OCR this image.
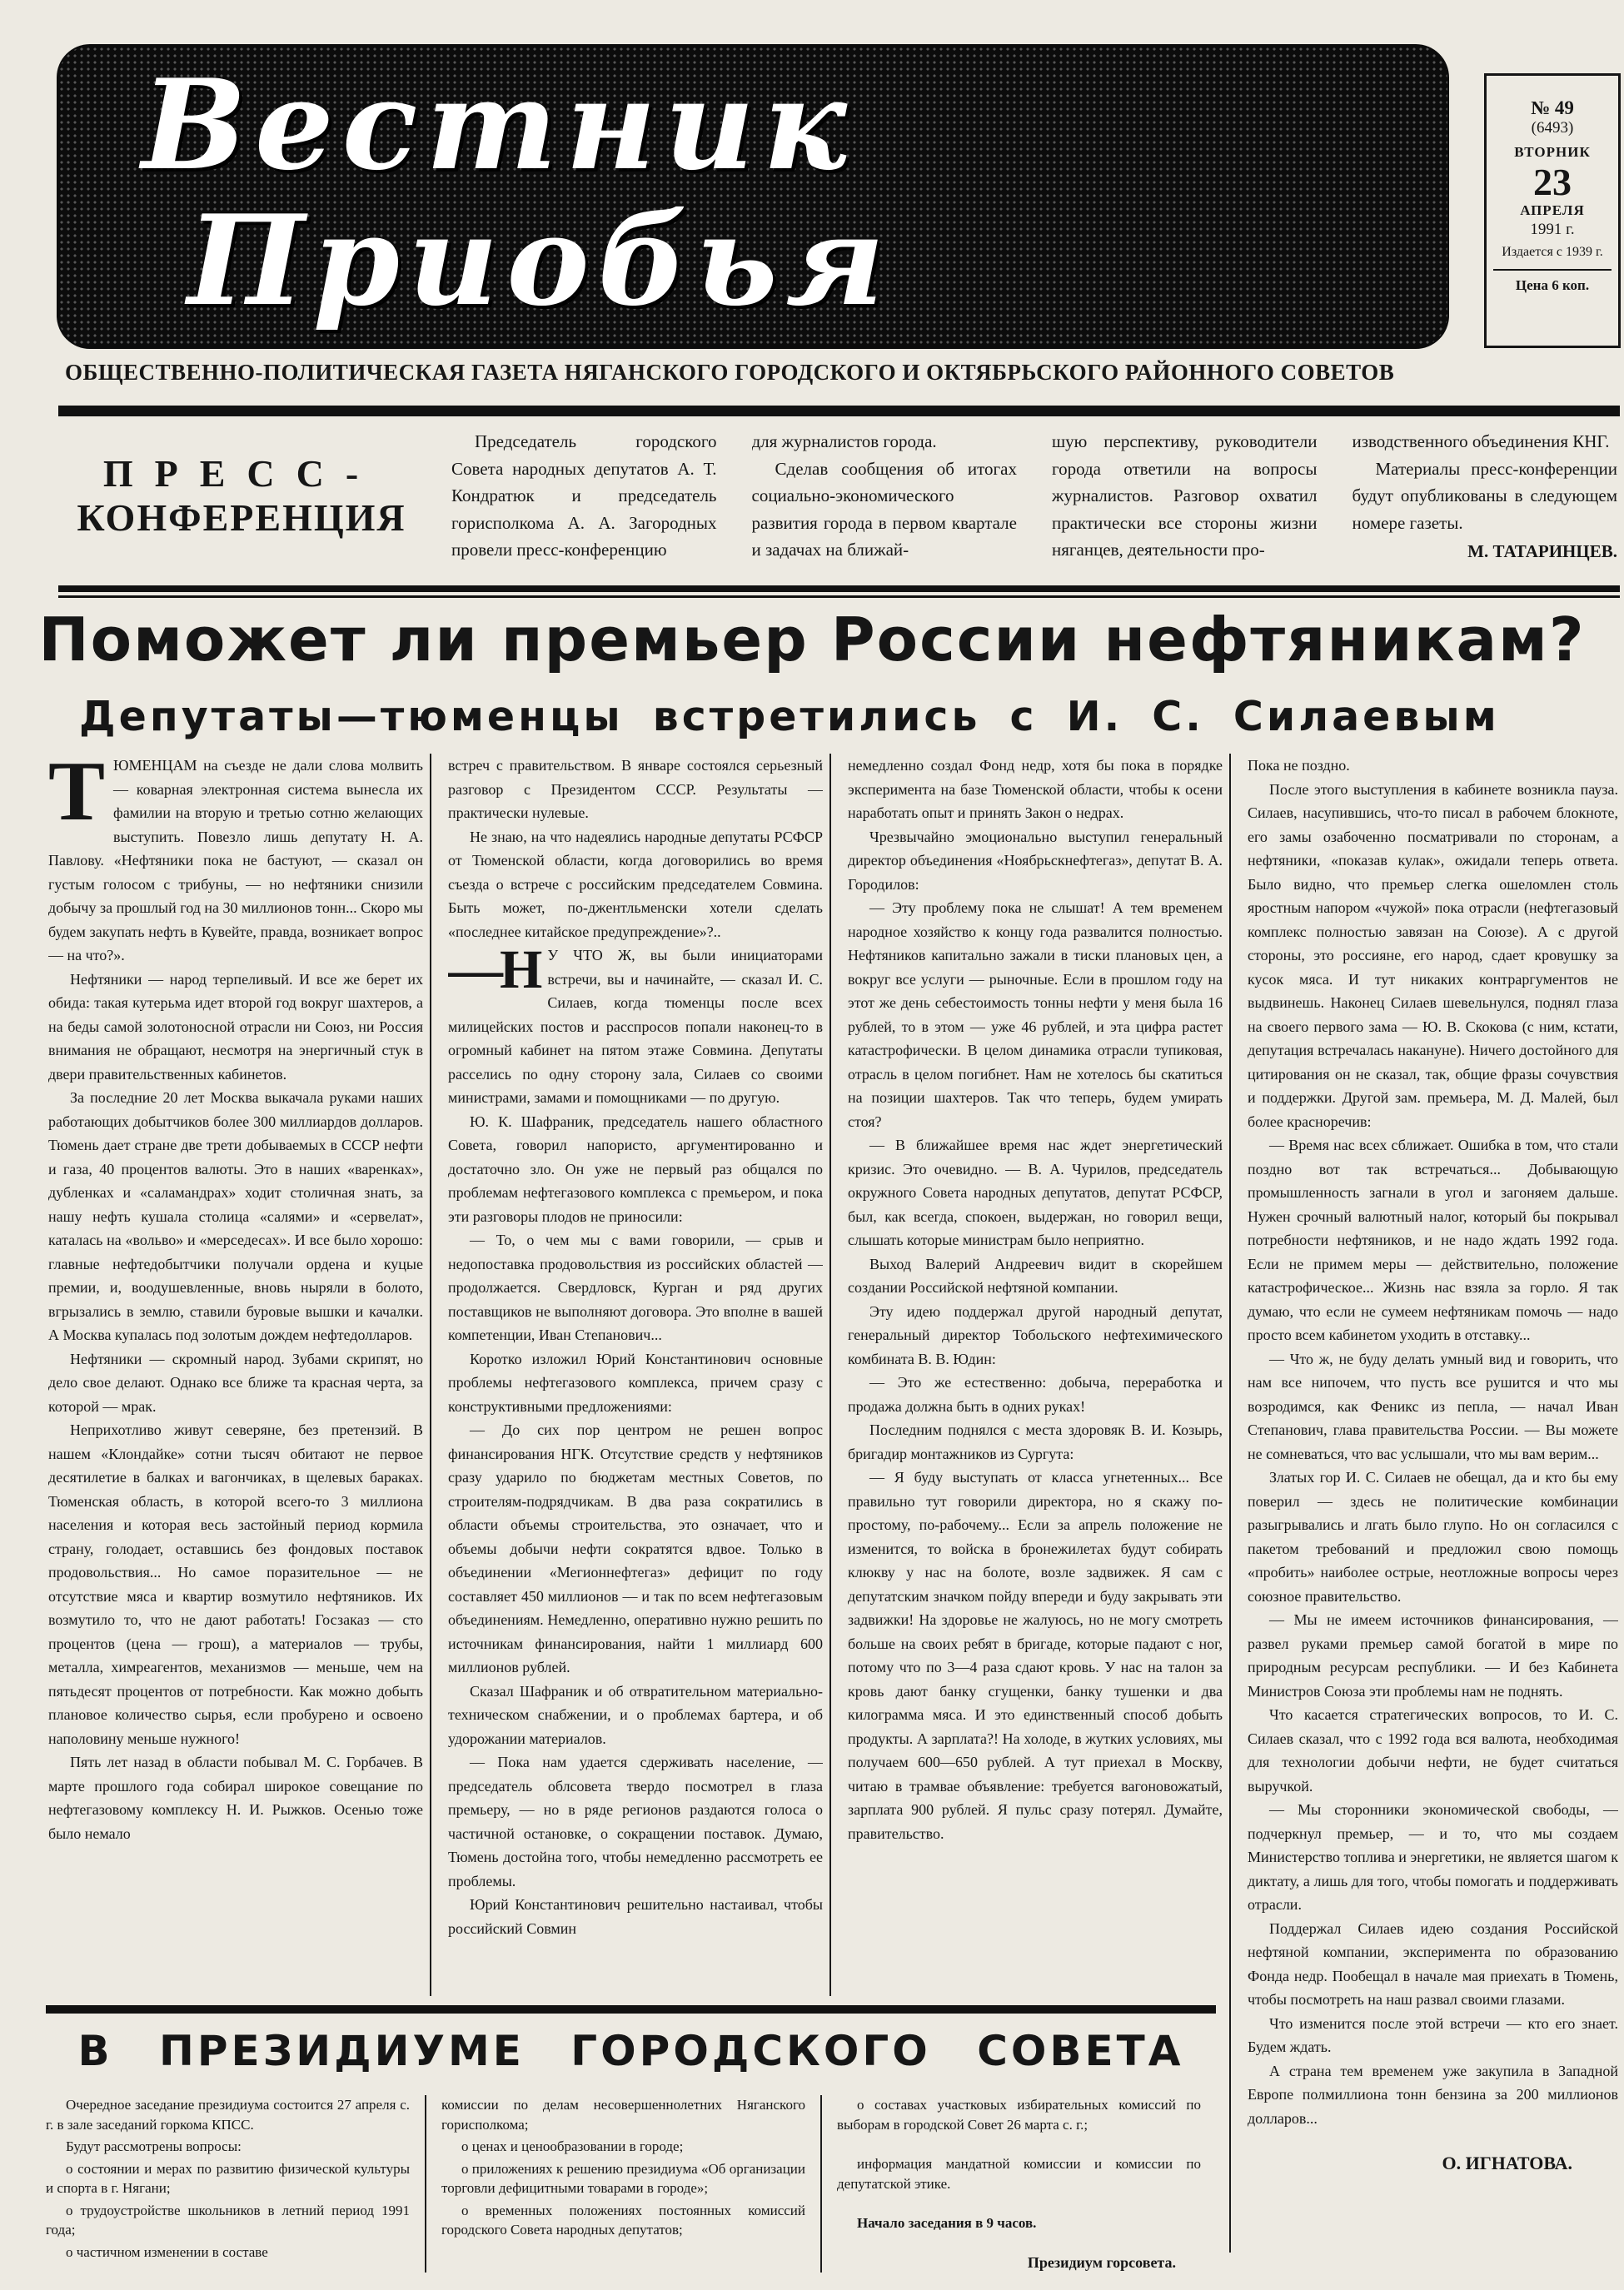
Вестник
Приобья
№ 49
(6493)
ВТОРНИК
23
АПРЕЛЯ
1991 г.
Издается с 1939 г.
Цена 6 коп.
ОБЩЕСТВЕННО-ПОЛИТИЧЕСКАЯ ГАЗЕТА НЯГАНСКОГО ГОРОДСКОГО И ОКТЯБРЬСКОГО РАЙОННОГО СОВЕТОВ
ПРЕСС-
КОНФЕРЕНЦИЯ

Председатель городского Совета народных депутатов А. Т. Кондратюк и председатель горисполкома А. А. Загородных провели пресс-конференцию

для журналистов города.

Сделав сообщения об итогах социально-экономического развития города в первом квартале и задачах на ближай-

шую перспективу, руководители города ответили на вопросы журналистов. Разговор охватил практически все стороны жизни няганцев, деятельности про-

изводственного объединения КНГ.

Материалы пресс-конференции будут опубликованы в следующем номере газеты.

М. ТАТАРИНЦЕВ.
Поможет ли премьер России нефтяникам?
Депутаты—тюменцы встретились с И. С. Силаевым

ТЮМЕНЦАМ на съезде не дали слова молвить — коварная электронная система вынесла их фамилии на вторую и третью сотню желающих выступить. Повезло лишь депутату Н. А. Павлову. «Нефтяники пока не бастуют, — сказал он густым голосом с трибуны, — но нефтяники снизили добычу за прошлый год на 30 миллионов тонн... Скоро мы будем закупать нефть в Кувейте, правда, возникает вопрос — на что?».

Нефтяники — народ терпеливый. И все же берет их обида: такая кутерьма идет второй год вокруг шахтеров, а на беды самой золотоносной отрасли ни Союз, ни Россия внимания не обращают, несмотря на энергичный стук в двери правительственных кабинетов.

За последние 20 лет Москва выкачала руками наших работающих добытчиков более 300 миллиардов долларов. Тюмень дает стране две трети добываемых в СССР нефти и газа, 40 процентов валюты. Это в наших «варенках», дубленках и «саламандрах» ходит столичная знать, за нашу нефть кушала столица «салями» и «сервелат», каталась на «вольво» и «мерседесах». И все было хорошо: главные нефтедобытчики получали ордена и куцые премии, и, воодушевленные, вновь ныряли в болото, вгрызались в землю, ставили буровые вышки и качалки. А Москва купалась под золотым дождем нефтедолларов.

Нефтяники — скромный народ. Зубами скрипят, но дело свое делают. Однако все ближе та красная черта, за которой — мрак.

Неприхотливо живут северяне, без претензий. В нашем «Клондайке» сотни тысяч обитают не первое десятилетие в балках и вагончиках, в щелевых бараках. Тюменская область, в которой всего-то 3 миллиона населения и которая весь застойный период кормила страну, голодает, оставшись без фондовых поставок продовольствия... Но самое поразительное — не отсутствие мяса и квартир возмутило нефтяников. Их возмутило то, что не дают работать! Госзаказ — сто процентов (цена — грош), а материалов — трубы, металла, химреагентов, механизмов — меньше, чем на пятьдесят процентов от потребности. Как можно добыть плановое количество сырья, если пробурено и освоено наполовину меньше нужного!

Пять лет назад в области побывал М. С. Горбачев. В марте прошлого года собирал широкое совещание по нефтегазовому комплексу Н. И. Рыжков. Осенью тоже было немало

встреч с правительством. В январе состоялся серьезный разговор с Президентом СССР. Результаты — практически нулевые.

Не знаю, на что надеялись народные депутаты РСФСР от Тюменской области, когда договорились во время съезда о встрече с российским председателем Совмина. Быть может, по-джентльменски хотели сделать «последнее китайское предупреждение»?..

—Н У ЧТО Ж, вы были инициаторами встречи, вы и начинайте, — сказал И. С. Силаев, когда тюменцы после всех милицейских постов и расспросов попали наконец-то в огромный кабинет на пятом этаже Совмина. Депутаты расселись по одну сторону зала, Силаев со своими министрами, замами и помощниками — по другую.

Ю. К. Шафраник, председатель нашего областного Совета, говорил напористо, аргументированно и достаточно зло. Он уже не первый раз общался по проблемам нефтегазового комплекса с премьером, и пока эти разговоры плодов не приносили:

— То, о чем мы с вами говорили, — срыв и недопоставка продовольствия из российских областей — продолжается. Свердловск, Курган и ряд других поставщиков не выполняют договора. Это вполне в вашей компетенции, Иван Степанович...

Коротко изложил Юрий Константинович основные проблемы нефтегазового комплекса, причем сразу с конструктивными предложениями:

— До сих пор центром не решен вопрос финансирования НГК. Отсутствие средств у нефтяников сразу ударило по бюджетам местных Советов, по строителям-подрядчикам. В два раза сократились в области объемы строительства, это означает, что и объемы добычи нефти сократятся вдвое. Только в объединении «Мегионнефтегаз» дефицит по году составляет 450 миллионов — и так по всем нефтегазовым объединениям. Немедленно, оперативно нужно решить по источникам финансирования, найти 1 миллиард 600 миллионов рублей.

Сказал Шафраник и об отвратительном материально-техническом снабжении, и о проблемах бартера, и об удорожании материалов.

— Пока нам удается сдерживать население, — председатель облсовета твердо посмотрел в глаза премьеру, — но в ряде регионов раздаются голоса о частичной остановке, о сокращении поставок. Думаю, Тюмень достойна того, чтобы немедленно рассмотреть ее проблемы.

Юрий Константинович решительно настаивал, чтобы российский Совмин

немедленно создал Фонд недр, хотя бы пока в порядке эксперимента на базе Тюменской области, чтобы к осени наработать опыт и принять Закон о недрах.

Чрезвычайно эмоционально выступил генеральный директор объединения «Ноябрьскнефтегаз», депутат В. А. Городилов:

— Эту проблему пока не слышат! А тем временем народное хозяйство к концу года развалится полностью. Нефтяников капитально зажали в тиски плановых цен, а вокруг все услуги — рыночные. Если в прошлом году на этот же день себестоимость тонны нефти у меня была 16 рублей, то в этом — уже 46 рублей, и эта цифра растет катастрофически. В целом динамика отрасли тупиковая, отрасль в целом погибнет. Нам не хотелось бы скатиться на позиции шахтеров. Так что теперь, будем умирать стоя?

— В ближайшее время нас ждет энергетический кризис. Это очевидно. — В. А. Чурилов, председатель окружного Совета народных депутатов, депутат РСФСР, был, как всегда, спокоен, выдержан, но говорил вещи, слышать которые министрам было неприятно.

Выход Валерий Андреевич видит в скорейшем создании Российской нефтяной компании.

Эту идею поддержал другой народный депутат, генеральный директор Тобольского нефтехимического комбината В. В. Юдин:

— Это же естественно: добыча, переработка и продажа должна быть в одних руках!

Последним поднялся с места здоровяк В. И. Козырь, бригадир монтажников из Сургута:

— Я буду выступать от класса угнетенных... Все правильно тут говорили директора, но я скажу по-простому, по-рабочему... Если за апрель положение не изменится, то войска в бронежилетах будут собирать клюкву у нас на болоте, возле задвижек. Я сам с депутатским значком пойду впереди и буду закрывать эти задвижки! На здоровье не жалуюсь, но не могу смотреть больше на своих ребят в бригаде, которые падают с ног, потому что по 3—4 раза сдают кровь. У нас на талон за кровь дают банку сгущенки, банку тушенки и два килограмма мяса. И это единственный способ добыть продукты. А зарплата?! На холоде, в жутких условиях, мы получаем 600—650 рублей. А тут приехал в Москву, читаю в трамвае объявление: требуется вагоновожатый, зарплата 900 рублей. Я пульс сразу потерял. Думайте, правительство.

Пока не поздно.

После этого выступления в кабинете возникла пауза. Силаев, насупившись, что-то писал в рабочем блокноте, его замы озабоченно посматривали по сторонам, а нефтяники, «показав кулак», ожидали теперь ответа. Было видно, что премьер слегка ошеломлен столь яростным напором «чужой» пока отрасли (нефтегазовый комплекс полностью завязан на Союзе). А с другой стороны, это россияне, его народ, сдает кровушку за кусок мяса. И тут никаких контраргументов не выдвинешь. Наконец Силаев шевельнулся, поднял глаза на своего первого зама — Ю. В. Скокова (с ним, кстати, депутация встречалась накануне). Ничего достойного для цитирования он не сказал, так, общие фразы сочувствия и поддержки. Другой зам. премьера, М. Д. Малей, был более красноречив:

— Время нас всех сближает. Ошибка в том, что стали поздно вот так встречаться... Добывающую промышленность загнали в угол и загоняем дальше. Нужен срочный валютный налог, который бы покрывал потребности нефтяников, и не надо ждать 1992 года. Если не примем меры — действительно, положение катастрофическое... Жизнь нас взяла за горло. Я так думаю, что если не сумеем нефтяникам помочь — надо просто всем кабинетом уходить в отставку...

— Что ж, не буду делать умный вид и говорить, что нам все нипочем, что пусть все рушится и что мы возродимся, как Феникс из пепла, — начал Иван Степанович, глава правительства России. — Вы можете не сомневаться, что вас услышали, что мы вам верим...

Златых гор И. С. Силаев не обещал, да и кто бы ему поверил — здесь не политические комбинации разыгрывались и лгать было глупо. Но он согласился с пакетом требований и предложил свою помощь «пробить» наиболее острые, неотложные вопросы через союзное правительство.

— Мы не имеем источников финансирования, — развел руками премьер самой богатой в мире по природным ресурсам республики. — И без Кабинета Министров Союза эти проблемы нам не поднять.

Что касается стратегических вопросов, то И. С. Силаев сказал, что с 1992 года вся валюта, необходимая для технологии добычи нефти, не будет считаться выручкой.

— Мы сторонники экономической свободы, — подчеркнул премьер, — и то, что мы создаем Министерство топлива и энергетики, не является шагом к диктату, а лишь для того, чтобы помогать и поддерживать отрасли.

Поддержал Силаев идею создания Российской нефтяной компании, эксперимента по образованию Фонда недр. Пообещал в начале мая приехать в Тюмень, чтобы посмотреть на наш развал своими глазами.

Что изменится после этой встречи — кто его знает. Будем ждать.

А страна тем временем уже закупила в Западной Европе полмиллиона тонн бензина за 200 миллионов долларов...

О. ИГНАТОВА.
В ПРЕЗИДИУМЕ ГОРОДСКОГО СОВЕТА

Очередное заседание президиума состоится 27 апреля с. г. в зале заседаний горкома КПСС.

Будут рассмотрены вопросы:

о состоянии и мерах по развитию физической культуры и спорта в г. Нягани;

о трудоустройстве школьников в летний период 1991 года;

о частичном изменении в составе

комиссии по делам несовершеннолетних Няганского горисполкома;

о ценах и ценообразовании в городе;

о приложениях к решению президиума «Об организации торговли дефицитными товарами в городе»;

о временных положениях постоянных комиссий городского Совета народных депутатов;

о составах участковых избирательных комиссий по выборам в городской Совет 26 марта с. г.;

информация мандатной комиссии и комиссии по депутатской этике.

Начало заседания в 9 часов.

Президиум горсовета.
